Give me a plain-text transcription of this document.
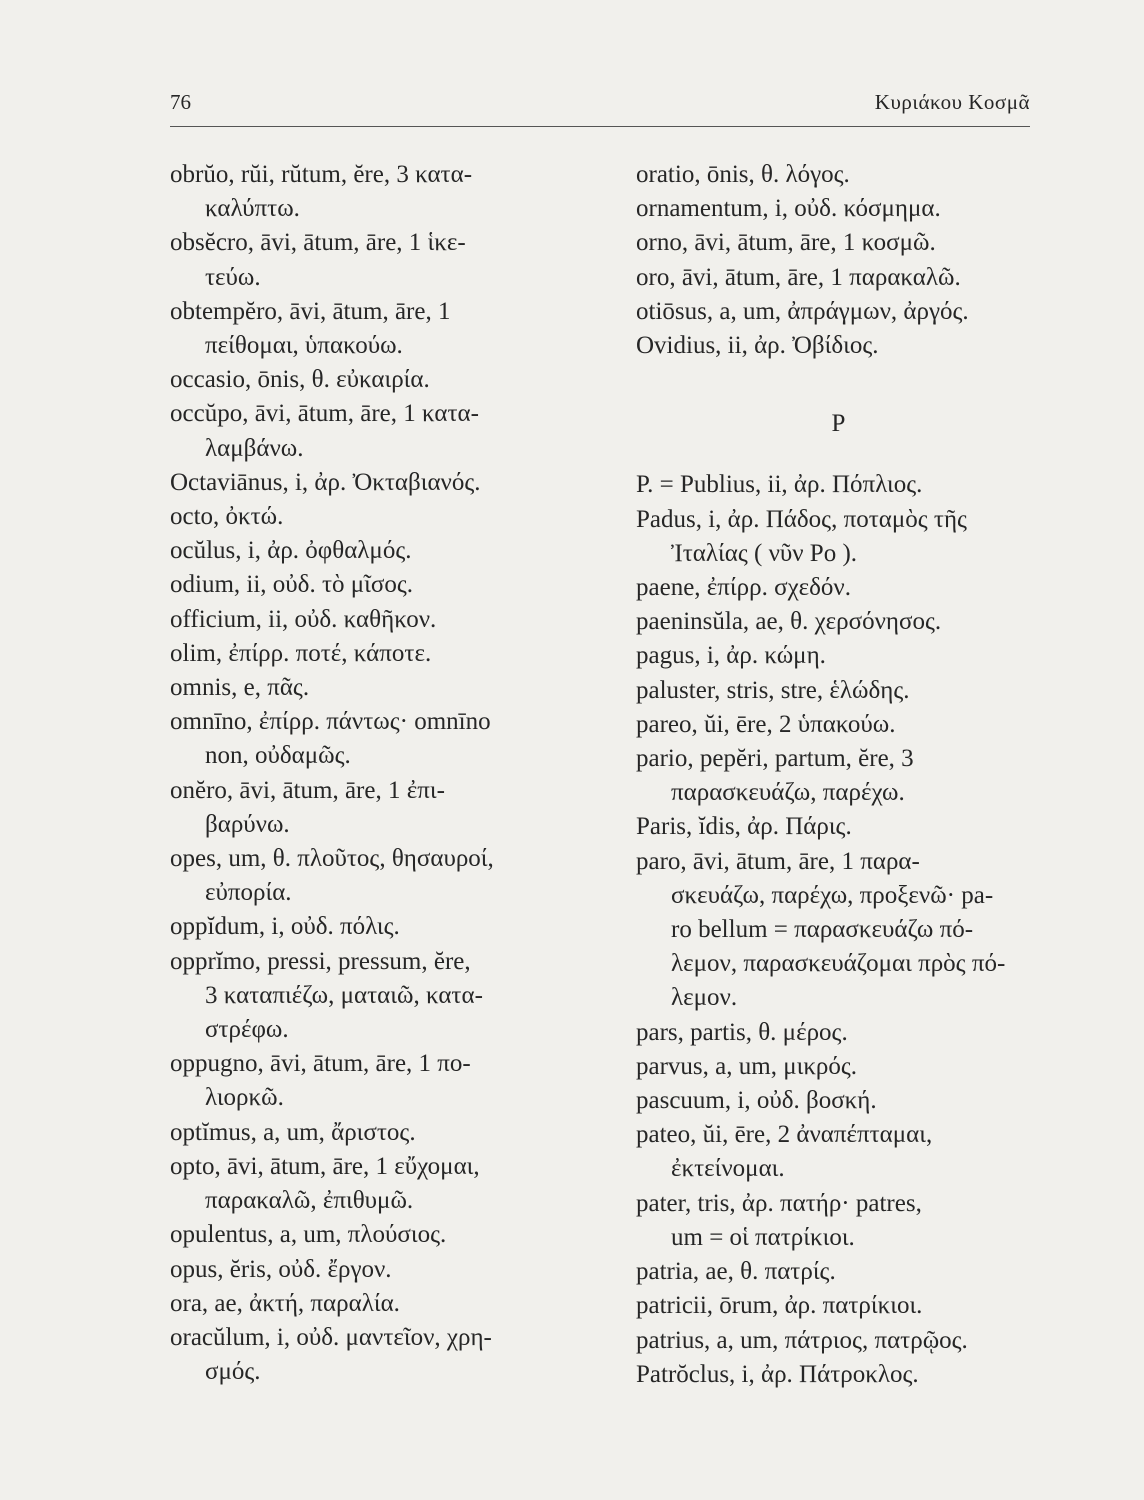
76	Κυριάκου Κοσμᾶ
obrŭo, rŭi, rŭtum, ĕre, 3 κατα-
καλύπτω.
obsĕcro, āvi, ātum, āre, 1 ἱκε-
τεύω.
obtempĕro, āvi, ātum, āre, 1
πείθομαι, ὑπακούω.
occasio, ōnis, θ. εὐκαιρία.
occŭpo, āvi, ātum, āre, 1 κατα-
λαμβάνω.
Octaviānus, i, ἀρ. Ὀκταβιανός.
octo, ὀκτώ.
ocŭlus, i, ἀρ. ὀφθαλμός.
odium, ii, οὐδ. τὸ μῖσος.
officium, ii, οὐδ. καθῆκον.
olim, ἐπίρρ. ποτέ, κάποτε.
omnis, e, πᾶς.
omnīno, ἐπίρρ. πάντως· omnīno
non, οὐδαμῶς.
onĕro, āvi, ātum, āre, 1 ἐπι-
βαρύνω.
opes, um, θ. πλοῦτος, θησαυροί,
εὐπορία.
oppĭdum, i, οὐδ. πόλις.
opprĭmo, pressi, pressum, ĕre,
3 καταπιέζω, ματαιῶ, κατα-
στρέφω.
oppugno, āvi, ātum, āre, 1 πο-
λιορκῶ.
optĭmus, a, um, ἄριστος.
opto, āvi, ātum, āre, 1 εὔχομαι,
παρακαλῶ, ἐπιθυμῶ.
opulentus, a, um, πλούσιος.
opus, ĕris, οὐδ. ἔργον.
ora, ae, ἀκτή, παραλία.
oracŭlum, i, οὐδ. μαντεῖον, χρη-
σμός.
oratio, ōnis, θ. λόγος.
ornamentum, i, οὐδ. κόσμημα.
orno, āvi, ātum, āre, 1 κοσμῶ.
oro, āvi, ātum, āre, 1 παρακαλῶ.
otiōsus, a, um, ἀπράγμων, ἀργός.
Ovidius, ii, ἀρ. Ὀβίδιος.
P
P. = Publius, ii, ἀρ. Πόπλιος.
Padus, i, ἀρ. Πάδος, ποταμὸς τῆς
Ἰταλίας ( νῦν Po ).
paene, ἐπίρρ. σχεδόν.
paeninsŭla, ae, θ. χερσόνησος.
pagus, i, ἀρ. κώμη.
paluster, stris, stre, ἑλώδης.
pareo, ŭi, ēre, 2 ὑπακούω.
pario, pepĕri, partum, ĕre, 3
παρασκευάζω, παρέχω.
Paris, ĭdis, ἀρ. Πάρις.
paro, āvi, ātum, āre, 1 παρα-
σκευάζω, παρέχω, προξενῶ· pa-
ro bellum = παρασκευάζω πό-
λεμον, παρασκευάζομαι πρὸς πό-
λεμον.
pars, partis, θ. μέρος.
parvus, a, um, μικρός.
pascuum, i, οὐδ. βοσκή.
pateo, ŭi, ēre, 2 ἀναπέπταμαι,
ἐκτείνομαι.
pater, tris, ἀρ. πατήρ· patres,
um = οἱ πατρίκιοι.
patria, ae, θ. πατρίς.
patricii, ōrum, ἀρ. πατρίκιοι.
patrius, a, um, πάτριος, πατρῷος.
Patrŏclus, i, ἀρ. Πάτροκλος.
